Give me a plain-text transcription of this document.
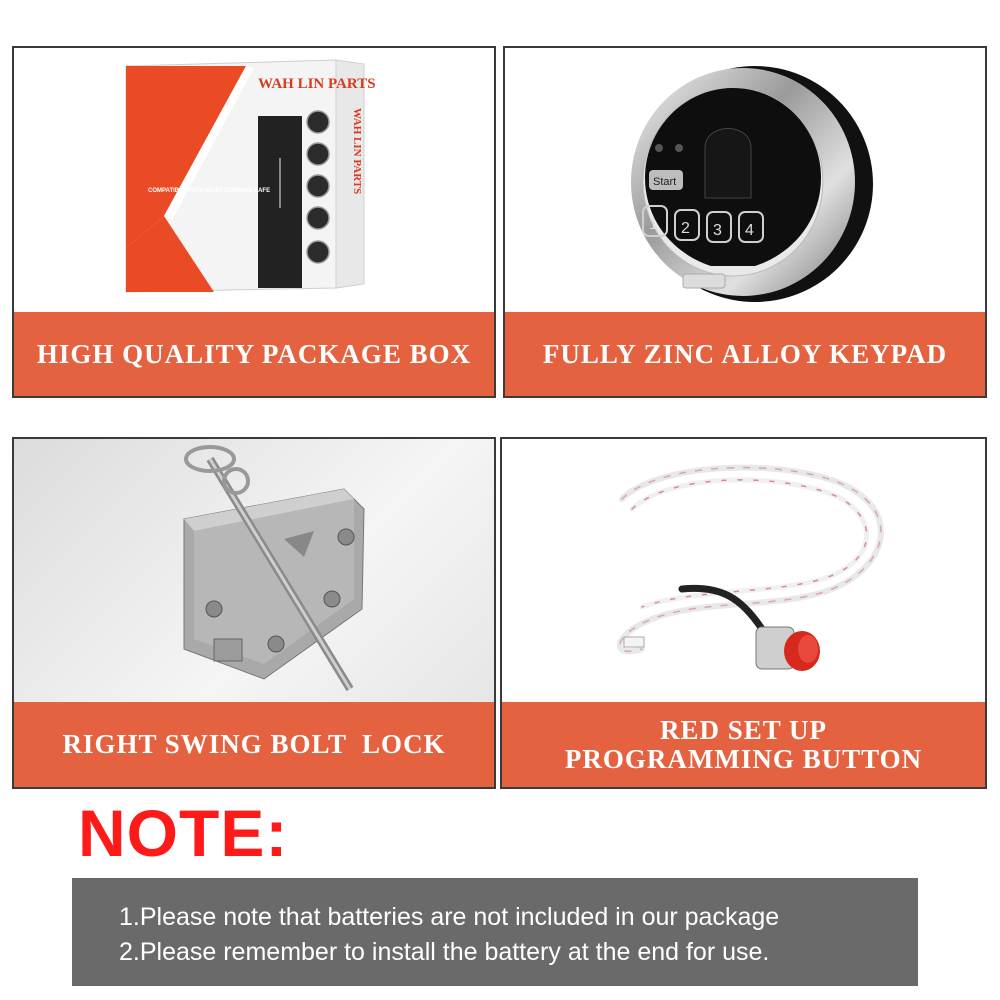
WAH LIN PARTS
COMPATIBLE WITH MOST COMMON SAFE	WAH LIN PARTS
HIGH QUALITY PACKAGE BOX
Start
1 2 3 4
FULLY ZINC ALLOY KEYPAD
RIGHT SWING BOLT  LOCK	RED SET UP
PROGRAMMING BUTTON
NOTE:
1.Please note that batteries are not included in our package
2.Please remember to install the battery at the end for use.
